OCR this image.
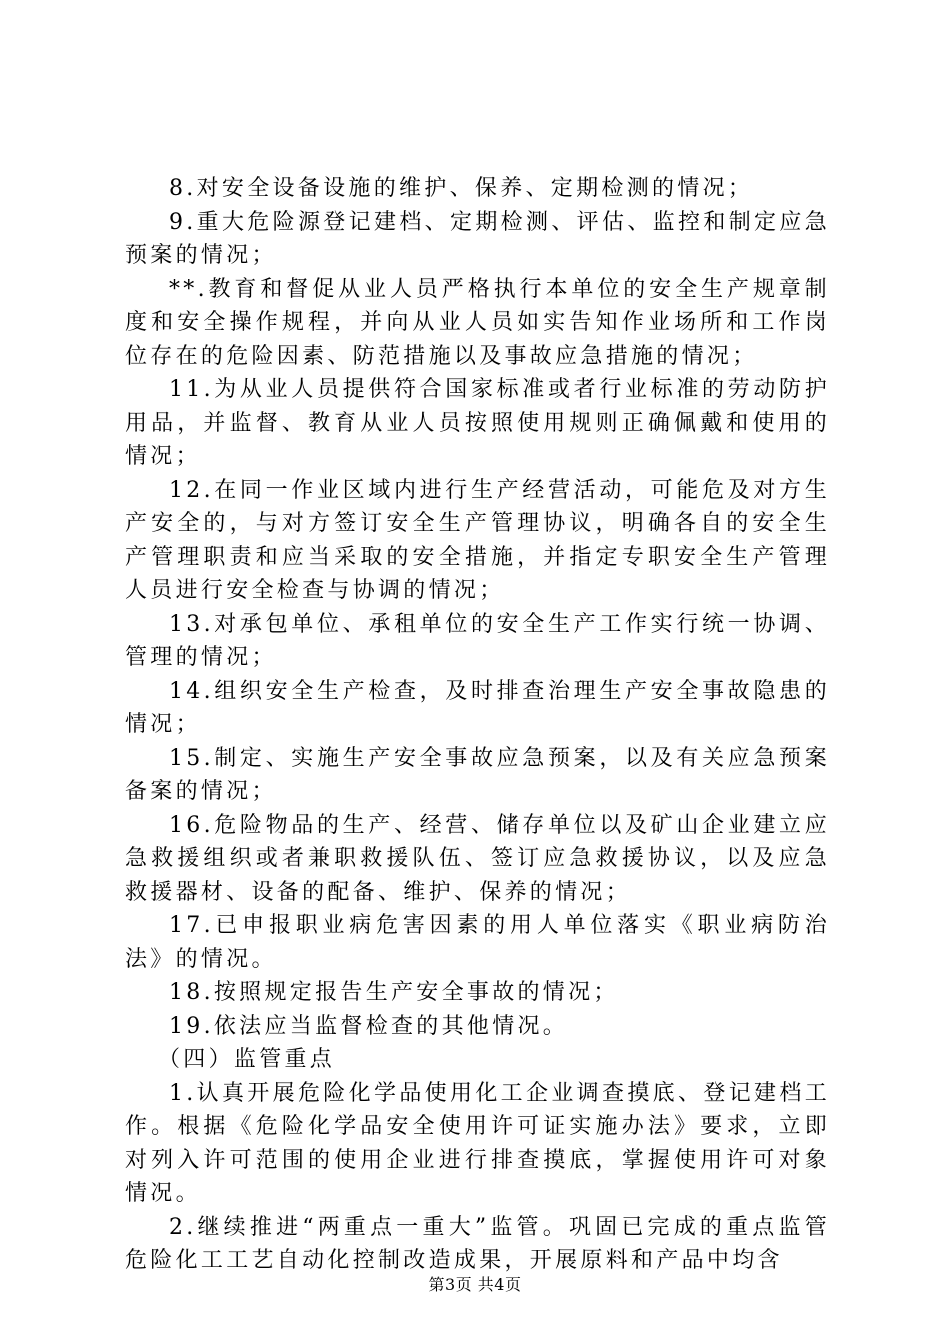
8.对安全设备设施的维护、保养、定期检测的情况；

9.重大危险源登记建档、定期检测、评估、监控和制定应急预案的情况；

**.教育和督促从业人员严格执行本单位的安全生产规章制度和安全操作规程，并向从业人员如实告知作业场所和工作岗位存在的危险因素、防范措施以及事故应急措施的情况；

11.为从业人员提供符合国家标准或者行业标准的劳动防护用品，并监督、教育从业人员按照使用规则正确佩戴和使用的情况；

12.在同一作业区域内进行生产经营活动，可能危及对方生产安全的，与对方签订安全生产管理协议，明确各自的安全生产管理职责和应当采取的安全措施，并指定专职安全生产管理人员进行安全检查与协调的情况；

13.对承包单位、承租单位的安全生产工作实行统一协调、管理的情况；

14.组织安全生产检查，及时排查治理生产安全事故隐患的情况；

15.制定、实施生产安全事故应急预案，以及有关应急预案备案的情况；

16.危险物品的生产、经营、储存单位以及矿山企业建立应急救援组织或者兼职救援队伍、签订应急救援协议，以及应急救援器材、设备的配备、维护、保养的情况；

17.已申报职业病危害因素的用人单位落实《职业病防治法》的情况。

18.按照规定报告生产安全事故的情况；

19.依法应当监督检查的其他情况。

（四）监管重点

1.认真开展危险化学品使用化工企业调查摸底、登记建档工作。根据《危险化学品安全使用许可证实施办法》要求，立即对列入许可范围的使用企业进行排查摸底，掌握使用许可对象情况。

2.继续推进“两重点一重大”监管。巩固已完成的重点监管危险化工工艺自动化控制改造成果，开展原料和产品中均含

第3页 共4页
